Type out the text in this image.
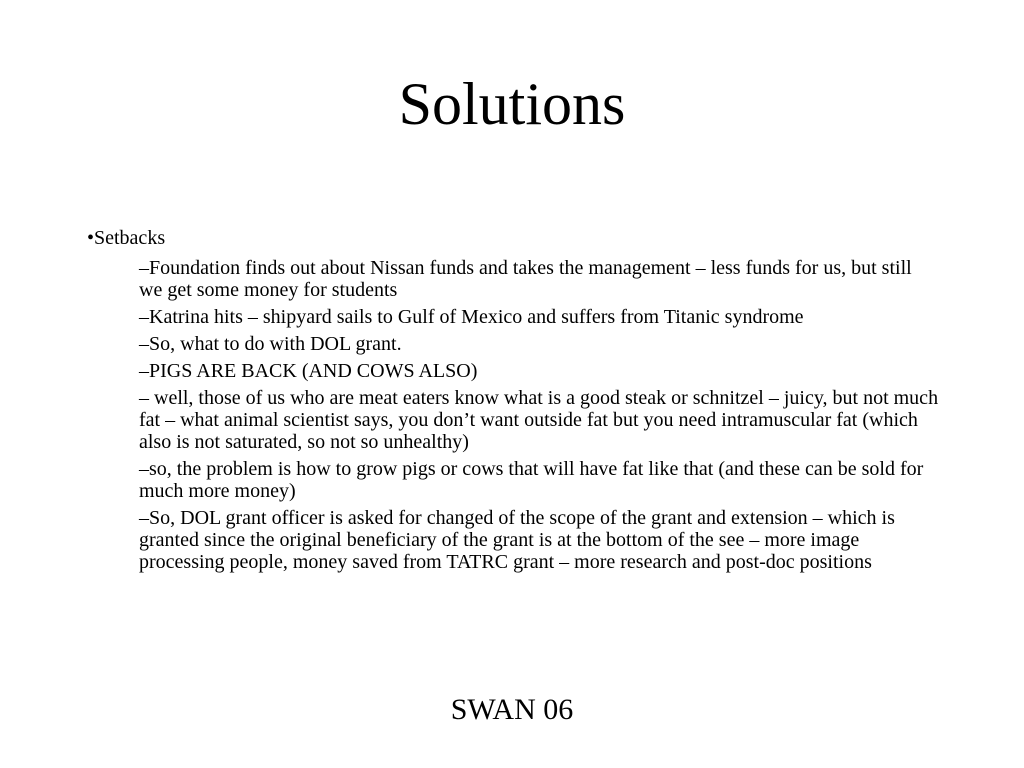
Solutions

•Setbacks

–Foundation finds out about Nissan funds and takes the management – less funds for us, but still we get some money for students
–Katrina hits – shipyard sails to Gulf of Mexico and suffers from Titanic syndrome
–So, what to do with DOL grant.
–PIGS ARE BACK (AND COWS ALSO)
– well, those of us who are meat eaters know what is a good steak or schnitzel – juicy, but not much fat – what animal scientist says, you don’t want outside fat but you need intramuscular fat (which also is not saturated, so not so unhealthy)
–so, the problem is how to grow pigs or cows that will have fat like that (and these can be sold for much more money)
–So, DOL grant officer is asked for changed of the scope of the grant and extension – which is granted since the original beneficiary of the grant is at the bottom of the see – more image processing people, money saved from TATRC grant – more research and post-doc positions

SWAN 06
